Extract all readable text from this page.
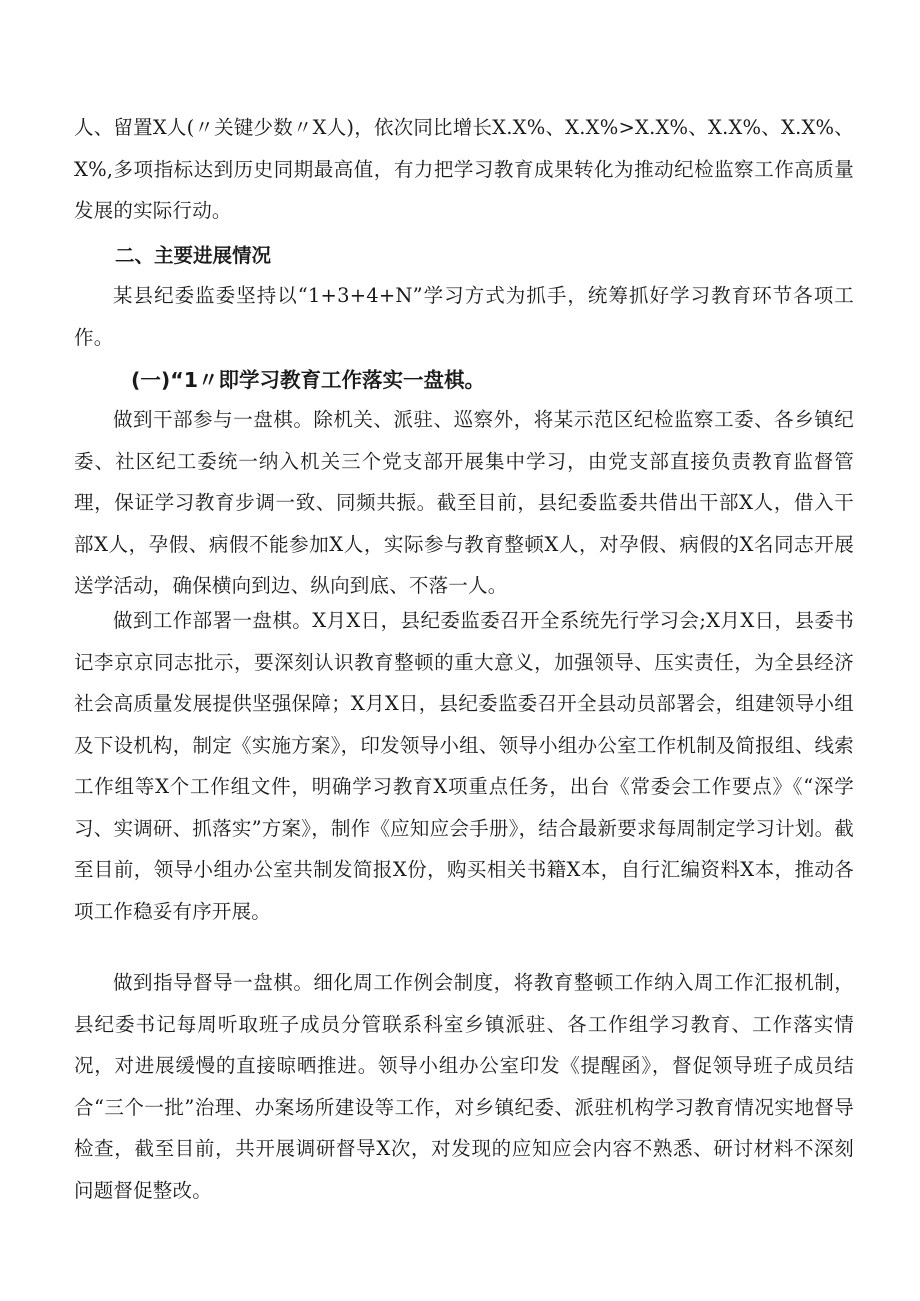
人、留置X人(〃关键少数〃X人)，依次同比增长X.X%、X.X%>X.X%、X.X%、X.X%、X%,多项指标达到历史同期最高值，有力把学习教育成果转化为推动纪检监察工作高质量发展的实际行动。

二、主要进展情况

某县纪委监委坚持以“1+3+4+N”学习方式为抓手，统筹抓好学习教育环节各项工作。

(一)“1〃即学习教育工作落实一盘棋。

做到干部参与一盘棋。除机关、派驻、巡察外，将某示范区纪检监察工委、各乡镇纪委、社区纪工委统一纳入机关三个党支部开展集中学习，由党支部直接负责教育监督管理，保证学习教育步调一致、同频共振。截至目前，县纪委监委共借出干部X人，借入干部X人，孕假、病假不能参加X人，实际参与教育整顿X人，对孕假、病假的X名同志开展送学活动，确保横向到边、纵向到底、不落一人。

做到工作部署一盘棋。X月X日，县纪委监委召开全系统先行学习会;X月X日，县委书记李京京同志批示，要深刻认识教育整顿的重大意义，加强领导、压实责任，为全县经济社会高质量发展提供坚强保障；X月X日，县纪委监委召开全县动员部署会，组建领导小组及下设机构，制定《实施方案》，印发领导小组、领导小组办公室工作机制及简报组、线索工作组等X个工作组文件，明确学习教育X项重点任务，出台《常委会工作要点》《“深学习、实调研、抓落实”方案》，制作《应知应会手册》，结合最新要求每周制定学习计划。截至目前，领导小组办公室共制发简报X份，购买相关书籍X本，自行汇编资料X本，推动各项工作稳妥有序开展。

做到指导督导一盘棋。细化周工作例会制度，将教育整顿工作纳入周工作汇报机制，县纪委书记每周听取班子成员分管联系科室乡镇派驻、各工作组学习教育、工作落实情况，对进展缓慢的直接晾晒推进。领导小组办公室印发《提醒函》，督促领导班子成员结合“三个一批”治理、办案场所建设等工作，对乡镇纪委、派驻机构学习教育情况实地督导检查，截至目前，共开展调研督导X次，对发现的应知应会内容不熟悉、研讨材料不深刻问题督促整改。
